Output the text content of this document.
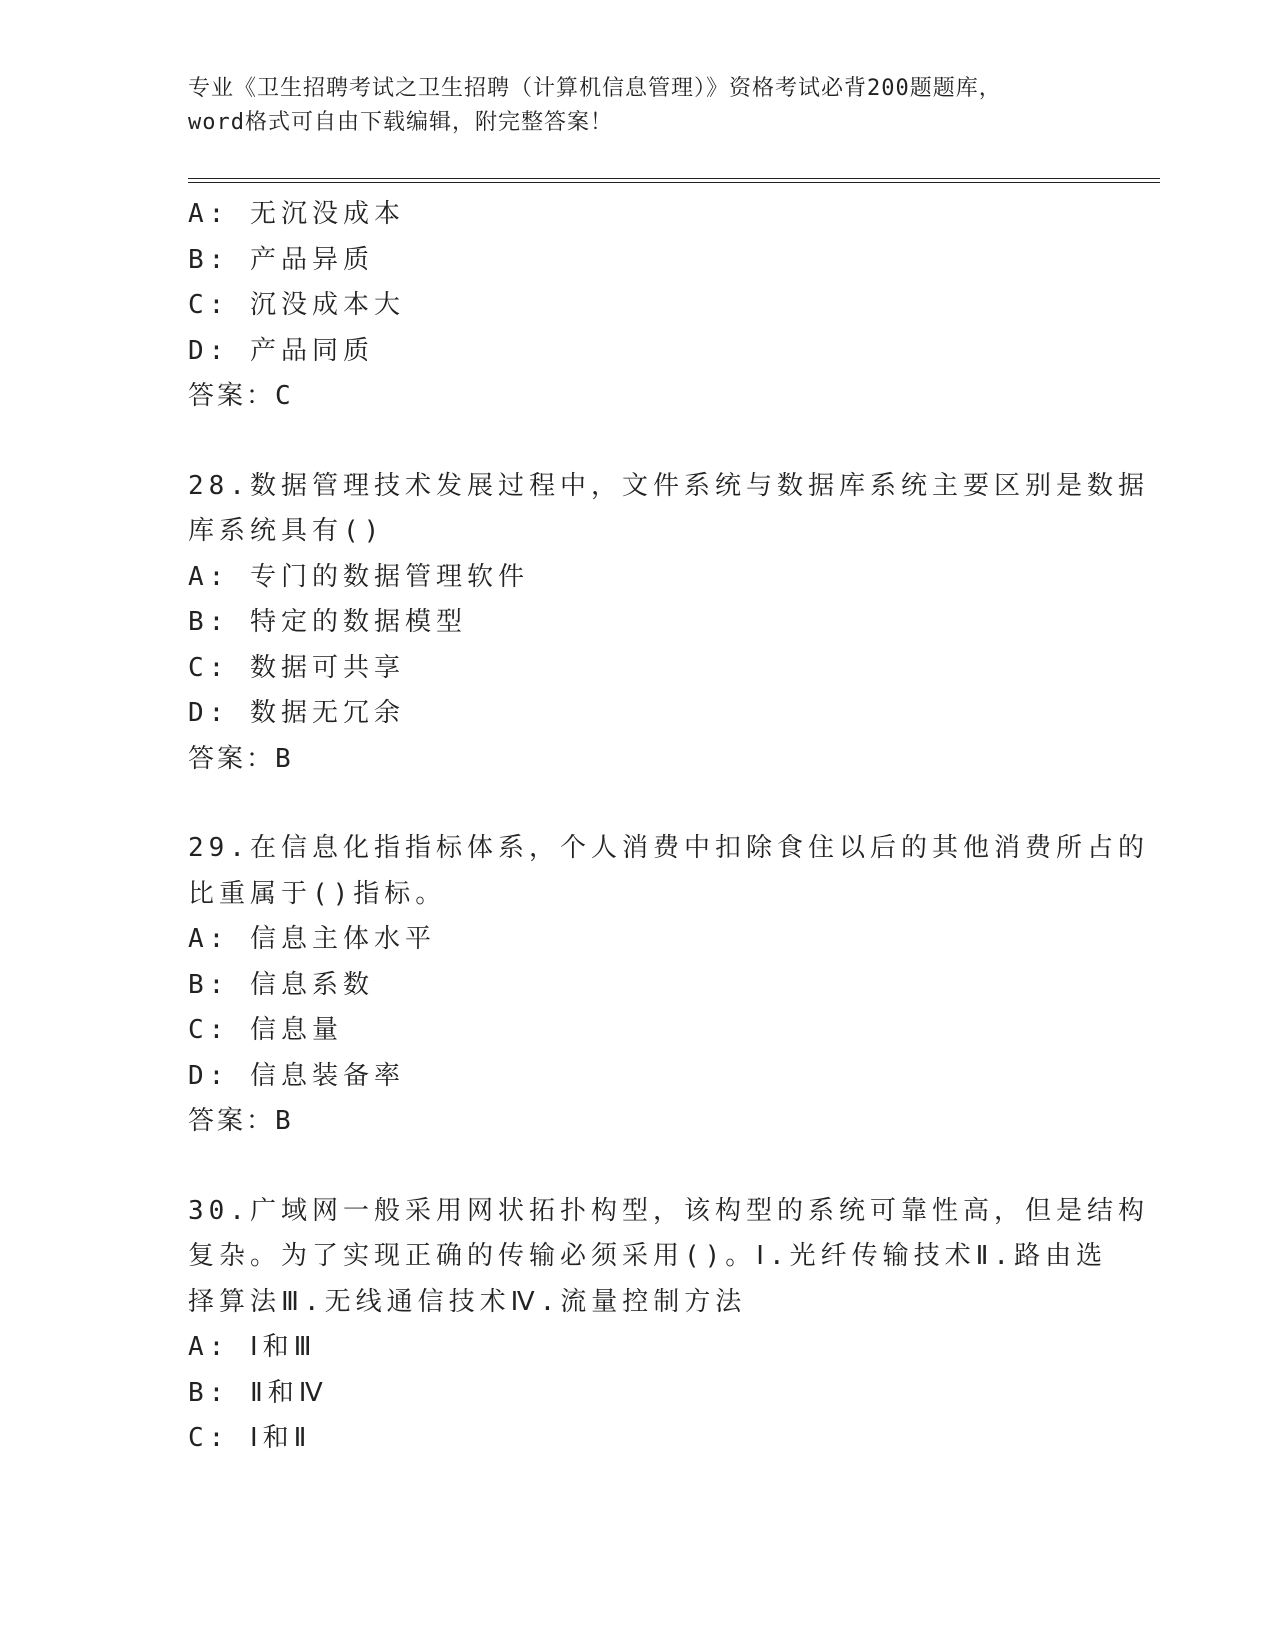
专业《卫生招聘考试之卫生招聘（计算机信息管理）》资格考试必背200题题库，
word格式可自由下载编辑，附完整答案！
A: 无沉没成本
B: 产品异质
C: 沉没成本大
D: 产品同质
答案：C
28.数据管理技术发展过程中，文件系统与数据库系统主要区别是数据
库系统具有()
A: 专门的数据管理软件
B: 特定的数据模型
C: 数据可共享
D: 数据无冗余
答案：B
29.在信息化指指标体系，个人消费中扣除食住以后的其他消费所占的
比重属于()指标。
A: 信息主体水平
B: 信息系数
C: 信息量
D: 信息装备率
答案：B
30.广域网一般采用网状拓扑构型，该构型的系统可靠性高，但是结构
复杂。为了实现正确的传输必须采用()。Ⅰ.光纤传输技术Ⅱ.路由选
择算法Ⅲ.无线通信技术Ⅳ.流量控制方法
A: Ⅰ和Ⅲ
B: Ⅱ和Ⅳ
C: Ⅰ和Ⅱ
